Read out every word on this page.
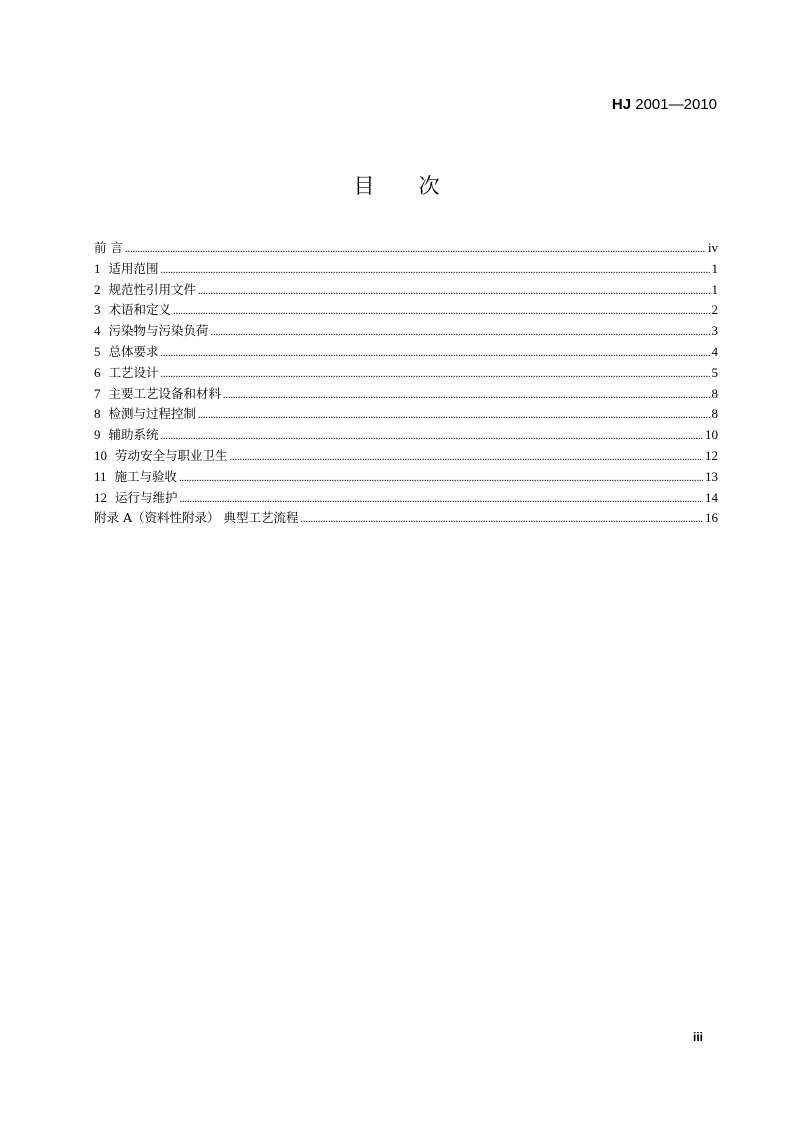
HJ 2001—2010
目次
前 言 .....	iv
1 适用范围 .....	1
2 规范性引用文件 .....	1
3 术语和定义 .....	2
4 污染物与污染负荷 .....	3
5 总体要求 .....	4
6 工艺设计 .....	5
7 主要工艺设备和材料 .....	8
8 检测与过程控制 .....	8
9 辅助系统 .....	10
10 劳动安全与职业卫生 .....	12
11 施工与验收 .....	13
12 运行与维护 .....	14
附录 A（资料性附录） 典型工艺流程 .....	16
iii
